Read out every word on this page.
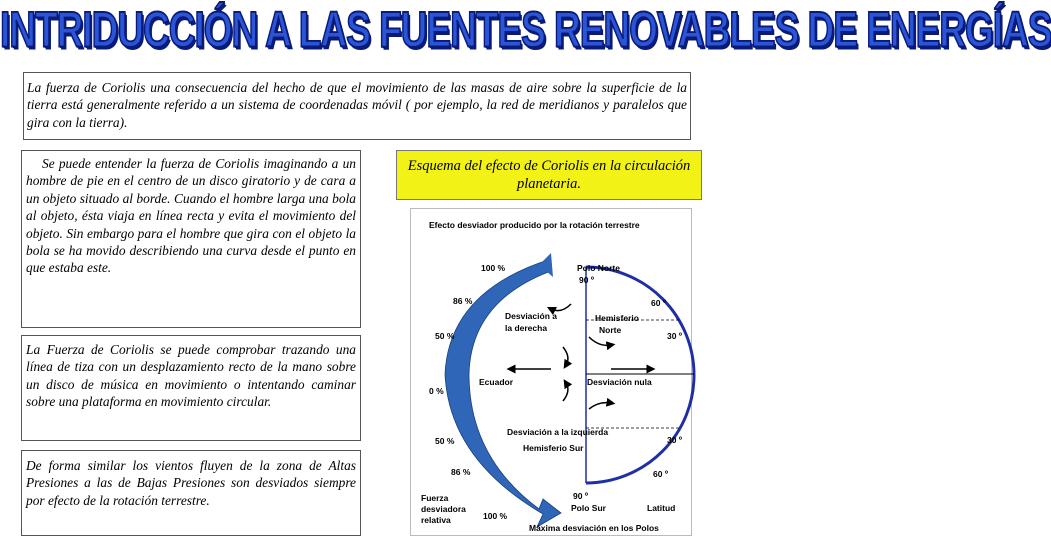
INTRIDUCCIÓN A LAS FUENTES RENOVABLES DE ENERGÍAS
La fuerza de Coriolis una consecuencia del hecho de que el movimiento de las masas de aire sobre la superficie de la tierra está generalmente referido a un sistema de coordenadas móvil ( por ejemplo, la red de meridianos y paralelos que gira con la tierra).
Se puede entender la fuerza de Coriolis imaginando a un hombre de pie en el centro de un disco giratorio y de cara a un objeto situado al borde. Cuando el hombre larga una bola al objeto, ésta viaja en línea recta y evita el movimiento del objeto. Sin embargo para el hombre que gira con el objeto la bola se ha movido describiendo una curva desde el punto en que estaba este.
La Fuerza de Coriolis se puede comprobar trazando una línea de tiza con un desplazamiento recto de la mano sobre un disco de música en movimiento o intentando caminar sobre una plataforma en movimiento circular.
De forma similar los vientos fluyen de la zona de Altas Presiones a las de Bajas Presiones son desviados siempre por efecto de la rotación terrestre.
Esquema del efecto de Coriolis en la circulación planetaria.
Efecto desviador producido por la rotación terrestre
Polo Norte
90 º
60 º
Desviación a
la derecha
Hemisferio
Norte
30 º
Ecuador	Desviación nula
Desviación a la izquierda
30 º
Hemisferio Sur
60 º
90 º
Polo Sur	Latitud
100 %
86 %
50 %
0 %
50 %
86 %
100 %
Fuerza
desviadora
relativa
Máxima desviación en los Polos
